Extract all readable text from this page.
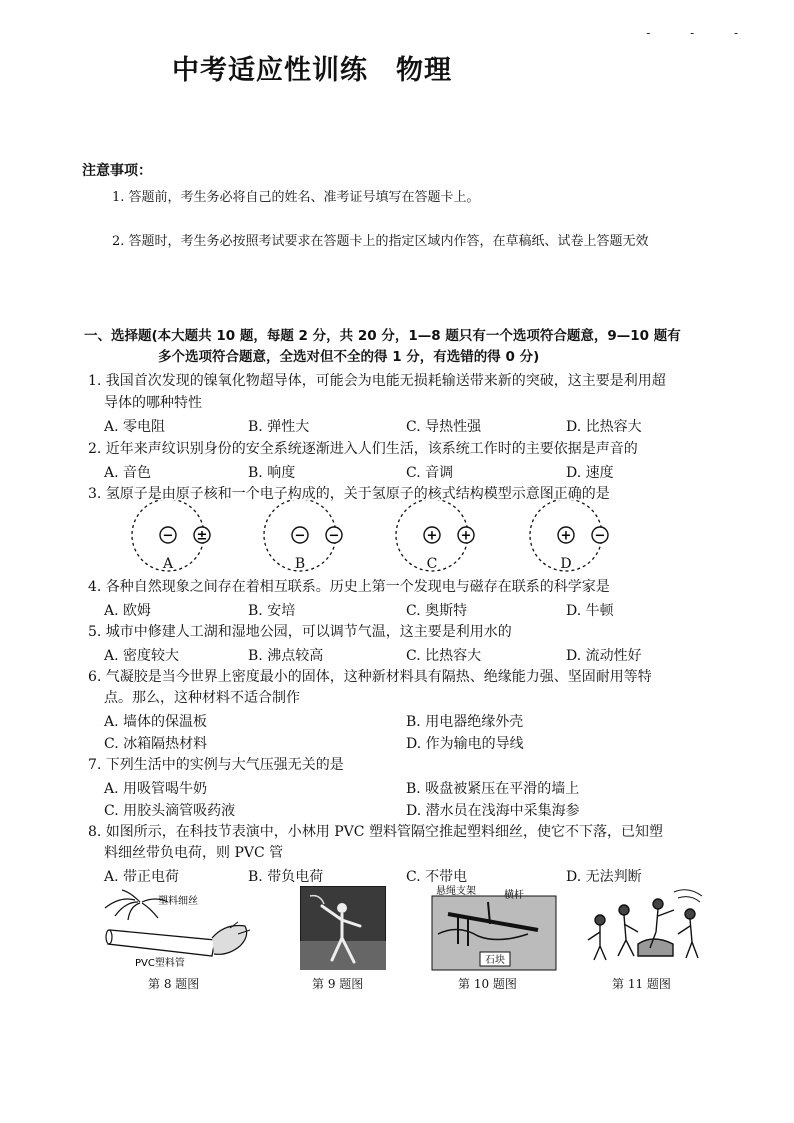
中考适应性训练　物理
- - -
注意事项：
1. 答题前，考生务必将自己的姓名、准考证号填写在答题卡上。
2. 答题时，考生务必按照考试要求在答题卡上的指定区域内作答，在草稿纸、试卷上答题无效
一、选择题(本大题共 10 题，每题 2 分，共 20 分，1—8 题只有一个选项符合题意，9—10 题有
多个选项符合题意，全选对但不全的得 1 分，有选错的得 0 分)
1. 我国首次发现的镍氧化物超导体，可能会为电能无损耗输送带来新的突破，这主要是利用超
导体的哪种特性
A. 零电阻	B. 弹性大	C. 导热性强	D. 比热容大
2. 近年来声纹识别身份的安全系统逐渐进入人们生活，该系统工作时的主要依据是声音的
A. 音色	B. 响度	C. 音调	D. 速度
3. 氢原子是由原子核和一个电子构成的，关于氢原子的核式结构模型示意图正确的是
− ±	− −	+ +	+ −
A	B	C	D
4. 各种自然现象之间存在着相互联系。历史上第一个发现电与磁存在联系的科学家是
A. 欧姆	B. 安培	C. 奥斯特	D. 牛顿
5. 城市中修建人工湖和湿地公园，可以调节气温，这主要是利用水的
A. 密度较大	B. 沸点较高	C. 比热容大	D. 流动性好
6. 气凝胶是当今世界上密度最小的固体，这种新材料具有隔热、绝缘能力强、坚固耐用等特
点。那么，这种材料不适合制作
A. 墙体的保温板	B. 用电器绝缘外壳
C. 冰箱隔热材料	D. 作为输电的导线
7. 下列生活中的实例与大气压强无关的是
A. 用吸管喝牛奶	B. 吸盘被紧压在平滑的墙上
C. 用胶头滴管吸药液	D. 潜水员在浅海中采集海参
8. 如图所示，在科技节表演中，小林用 PVC 塑料管隔空推起塑料细丝，使它不下落，已知塑
料细丝带负电荷，则 PVC 管
A. 带正电荷	B. 带负电荷	C. 不带电	D. 无法判断
塑料细丝
PVC塑料管
第 8 题图	第 9 题图
悬绳支架	横杆
石块
第 10 题图	第 11 题图
